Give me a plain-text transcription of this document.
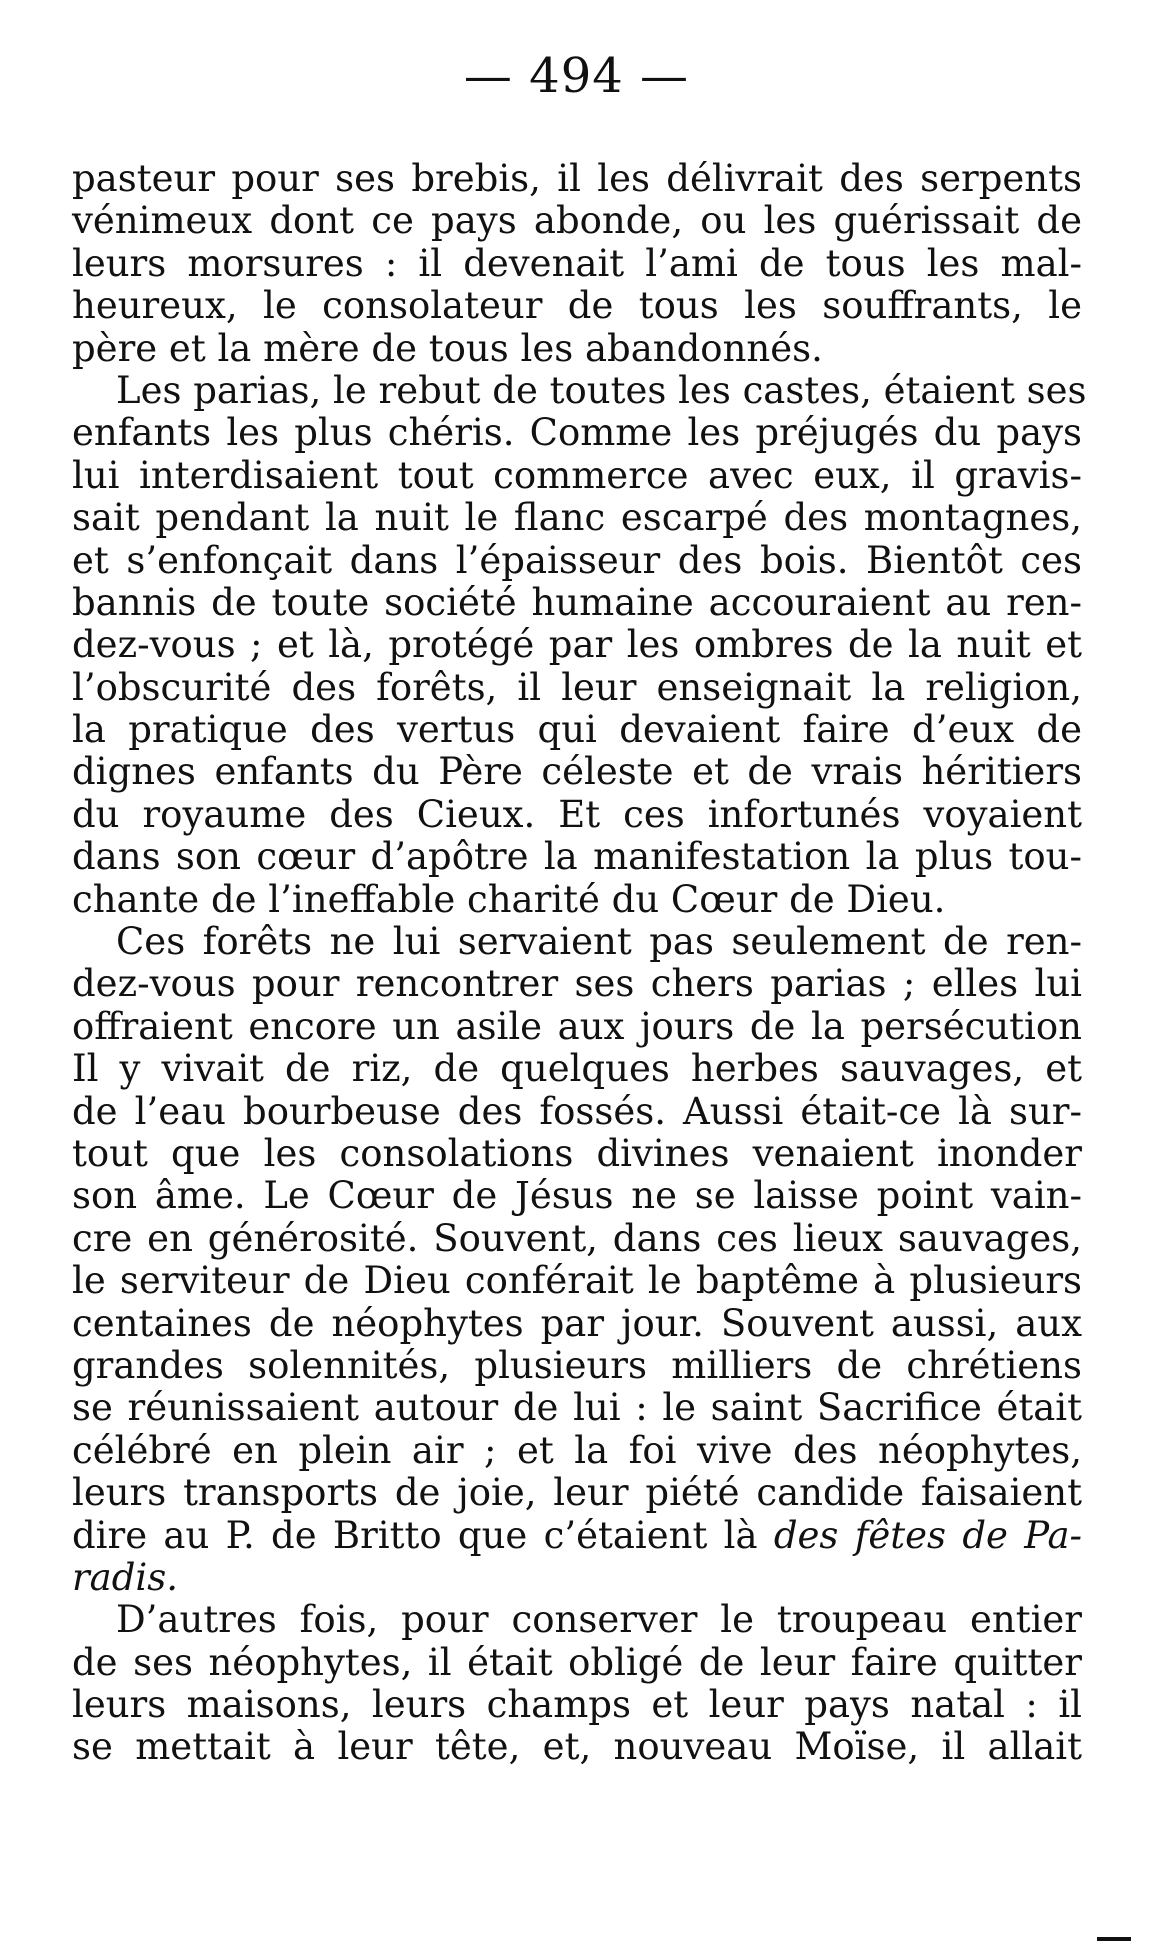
— 494 —
pasteur pour ses brebis, il les délivrait des serpents
vénimeux dont ce pays abonde, ou les guérissait de
leurs morsures : il devenait l’ami de tous les mal-
heureux, le consolateur de tous les souffrants, le
père et la mère de tous les abandonnés.
Les parias, le rebut de toutes les castes, étaient ses
enfants les plus chéris. Comme les préjugés du pays
lui interdisaient tout commerce avec eux, il gravis-
sait pendant la nuit le flanc escarpé des montagnes,
et s’enfonçait dans l’épaisseur des bois. Bientôt ces
bannis de toute société humaine accouraient au ren-
dez-vous ; et là, protégé par les ombres de la nuit et
l’obscurité des forêts, il leur enseignait la religion,
la pratique des vertus qui devaient faire d’eux de
dignes enfants du Père céleste et de vrais héritiers
du royaume des Cieux. Et ces infortunés voyaient
dans son cœur d’apôtre la manifestation la plus tou-
chante de l’ineffable charité du Cœur de Dieu.
Ces forêts ne lui servaient pas seulement de ren-
dez-vous pour rencontrer ses chers parias ; elles lui
offraient encore un asile aux jours de la persécution
Il y vivait de riz, de quelques herbes sauvages, et
de l’eau bourbeuse des fossés. Aussi était-ce là sur-
tout que les consolations divines venaient inonder
son âme. Le Cœur de Jésus ne se laisse point vain-
cre en générosité. Souvent, dans ces lieux sauvages,
le serviteur de Dieu conférait le baptême à plusieurs
centaines de néophytes par jour. Souvent aussi, aux
grandes solennités, plusieurs milliers de chrétiens
se réunissaient autour de lui : le saint Sacrifice était
célébré en plein air ; et la foi vive des néophytes,
leurs transports de joie, leur piété candide faisaient
dire au P. de Britto que c’étaient là des fêtes de Pa-
radis.
D’autres fois, pour conserver le troupeau entier
de ses néophytes, il était obligé de leur faire quitter
leurs maisons, leurs champs et leur pays natal : il
se mettait à leur tête, et, nouveau Moïse, il allait
